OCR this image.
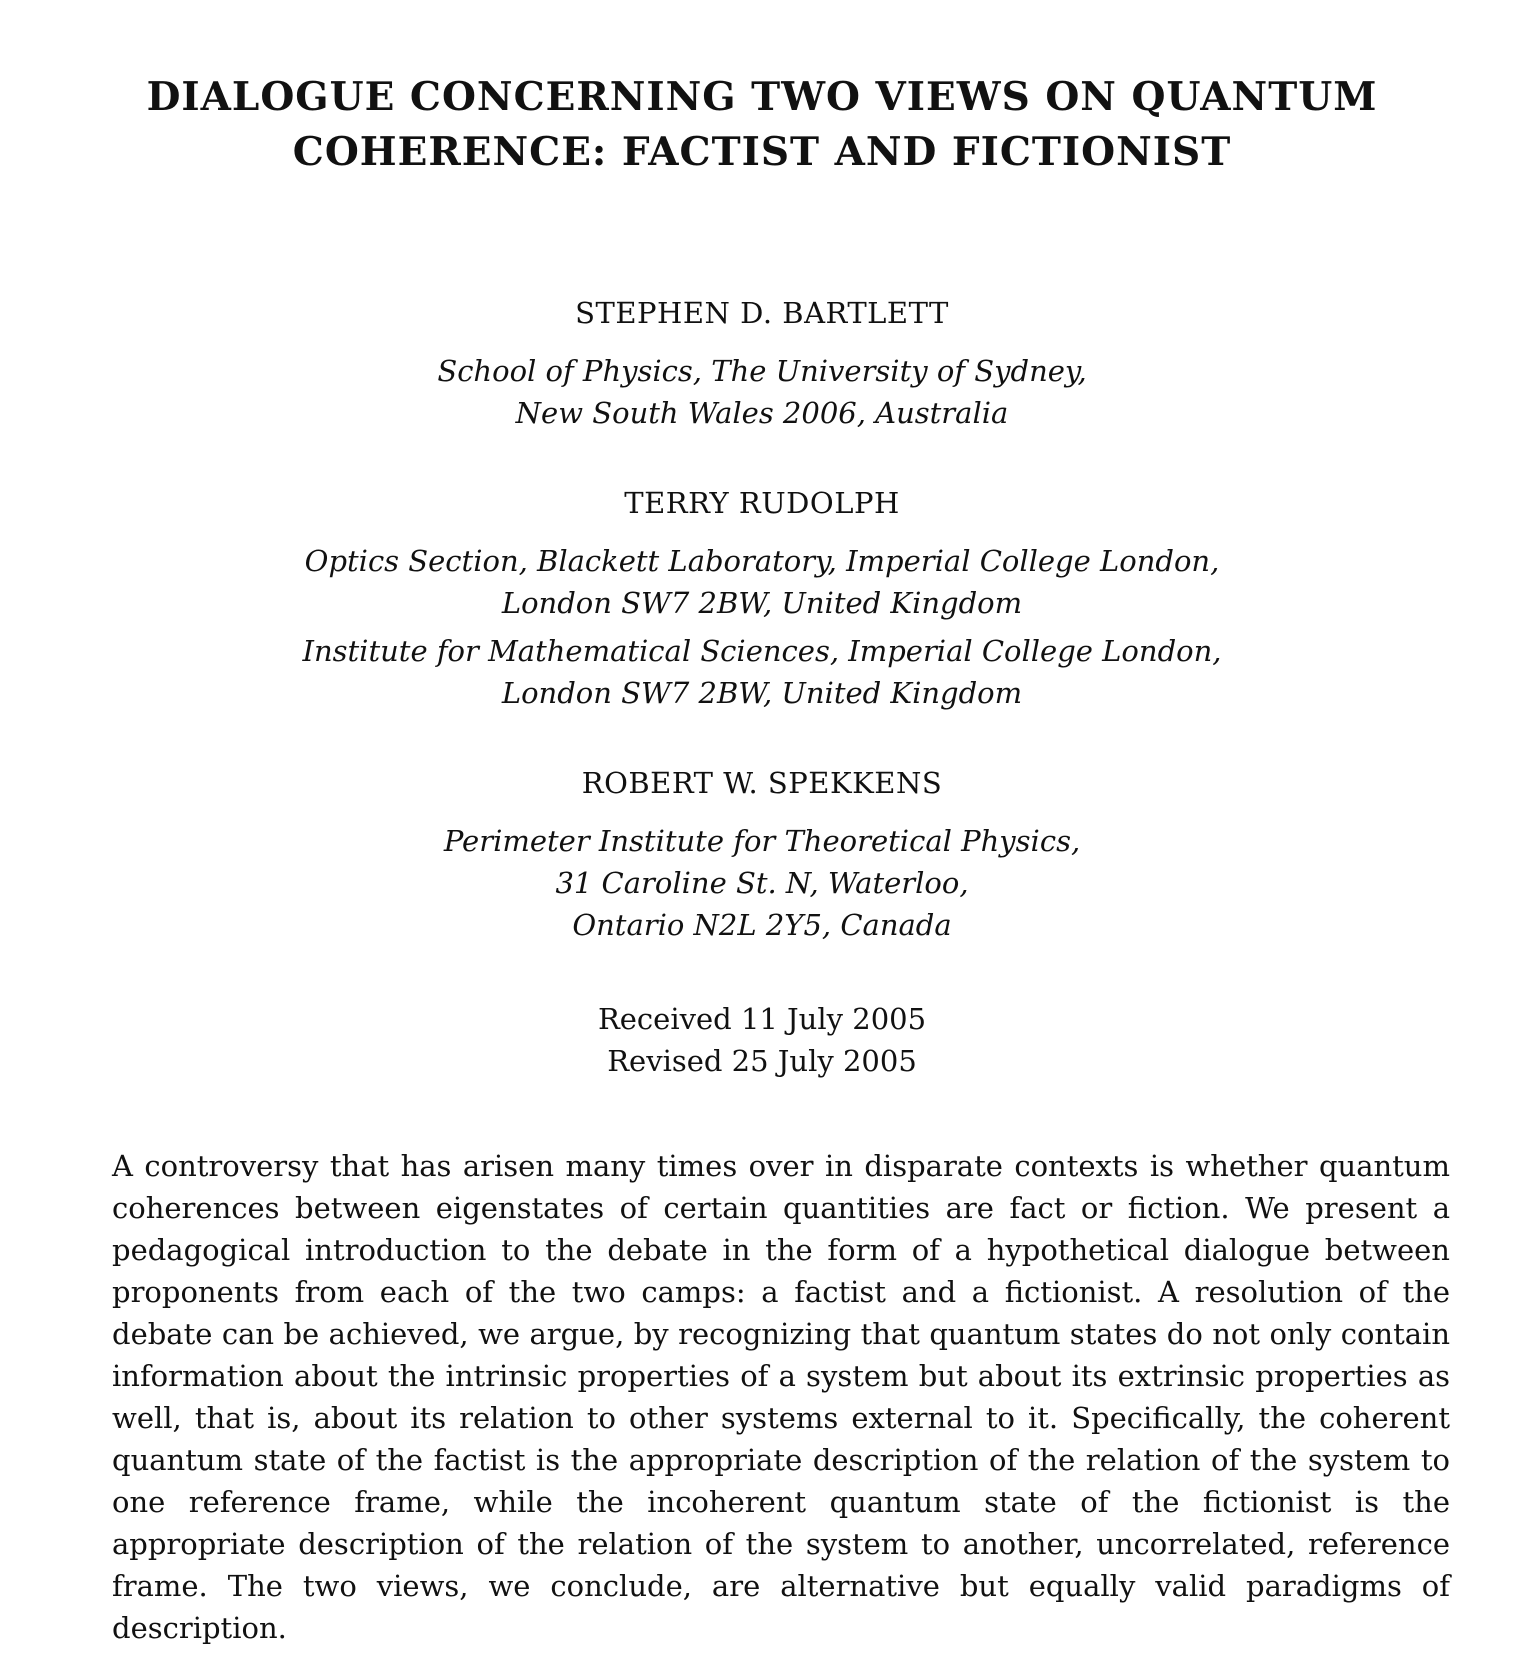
DIALOGUE CONCERNING TWO VIEWS ON QUANTUM
COHERENCE: FACTIST AND FICTIONIST
STEPHEN D. BARTLETT
School of Physics, The University of Sydney,
New South Wales 2006, Australia
TERRY RUDOLPH
Optics Section, Blackett Laboratory, Imperial College London,
London SW7 2BW, United Kingdom
Institute for Mathematical Sciences, Imperial College London,
London SW7 2BW, United Kingdom
ROBERT W. SPEKKENS
Perimeter Institute for Theoretical Physics,
31 Caroline St. N, Waterloo,
Ontario N2L 2Y5, Canada
Received 11 July 2005
Revised 25 July 2005

A controversy that has arisen many times over in disparate contexts is whether quantum coherences between eigenstates of certain quantities are fact or fiction. We present a pedagogical introduction to the debate in the form of a hypothetical dialogue between proponents from each of the two camps: a factist and a fictionist. A resolution of the debate can be achieved, we argue, by recognizing that quantum states do not only contain information about the intrinsic properties of a system but about its extrinsic properties as well, that is, about its relation to other systems external to it. Specifically, the coherent quantum state of the factist is the appropriate description of the relation of the system to one reference frame, while the incoherent quantum state of the fictionist is the appropriate description of the relation of the system to another, uncorrelated, reference frame. The two views, we conclude, are alternative but equally valid paradigms of description.
